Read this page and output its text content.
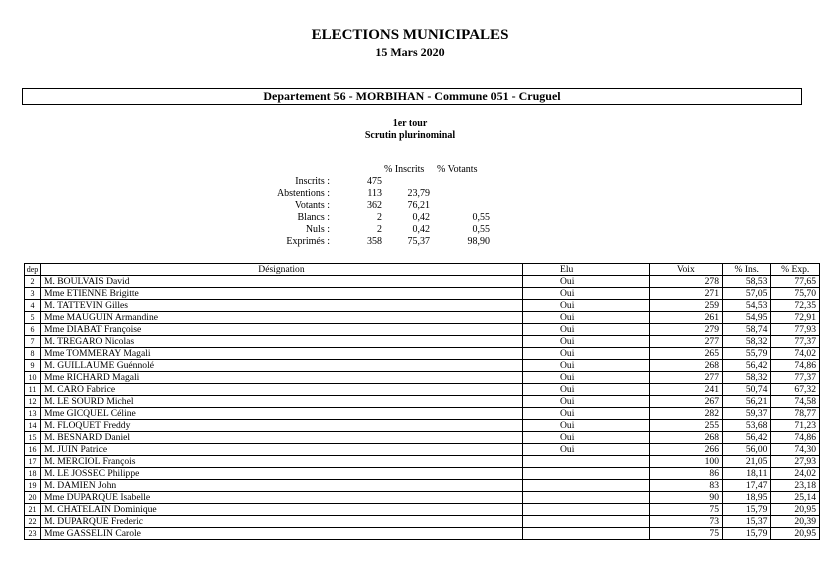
ELECTIONS MUNICIPALES
15 Mars 2020
Departement 56 - MORBIHAN - Commune 051 - Cruguel
1er tour
Scrutin plurinominal
% Inscrits % Votants
Inscrits :	475
Abstentions :	113	23,79
Votants :	362	76,21
Blancs :	2	0,42	0,55
Nuls :	2	0,42	0,55
Exprimés :	358	75,37	98,90
dep	Désignation	Elu	Voix	% Ins.	% Exp.
2	M. BOULVAIS David	Oui	278	58,53	77,65
3	Mme ETIENNE Brigitte	Oui	271	57,05	75,70
4	M. TATTEVIN Gilles	Oui	259	54,53	72,35
5	Mme MAUGUIN Armandine	Oui	261	54,95	72,91
6	Mme DIABAT Françoise	Oui	279	58,74	77,93
7	M. TREGARO Nicolas	Oui	277	58,32	77,37
8	Mme TOMMERAY Magali	Oui	265	55,79	74,02
9	M. GUILLAUME Guénnolé	Oui	268	56,42	74,86
10	Mme RICHARD Magali	Oui	277	58,32	77,37
11	M. CARO Fabrice	Oui	241	50,74	67,32
12	M. LE SOURD Michel	Oui	267	56,21	74,58
13	Mme GICQUEL Céline	Oui	282	59,37	78,77
14	M. FLOQUET Freddy	Oui	255	53,68	71,23
15	M. BESNARD Daniel	Oui	268	56,42	74,86
16	M. JUIN Patrice	Oui	266	56,00	74,30
17	M. MERCIOL François		100	21,05	27,93
18	M. LE JOSSEC Philippe		86	18,11	24,02
19	M. DAMIEN John		83	17,47	23,18
20	Mme DUPARQUE Isabelle		90	18,95	25,14
21	M. CHATELAIN Dominique		75	15,79	20,95
22	M. DUPARQUE Frederic		73	15,37	20,39
23	Mme GASSELIN Carole		75	15,79	20,95
